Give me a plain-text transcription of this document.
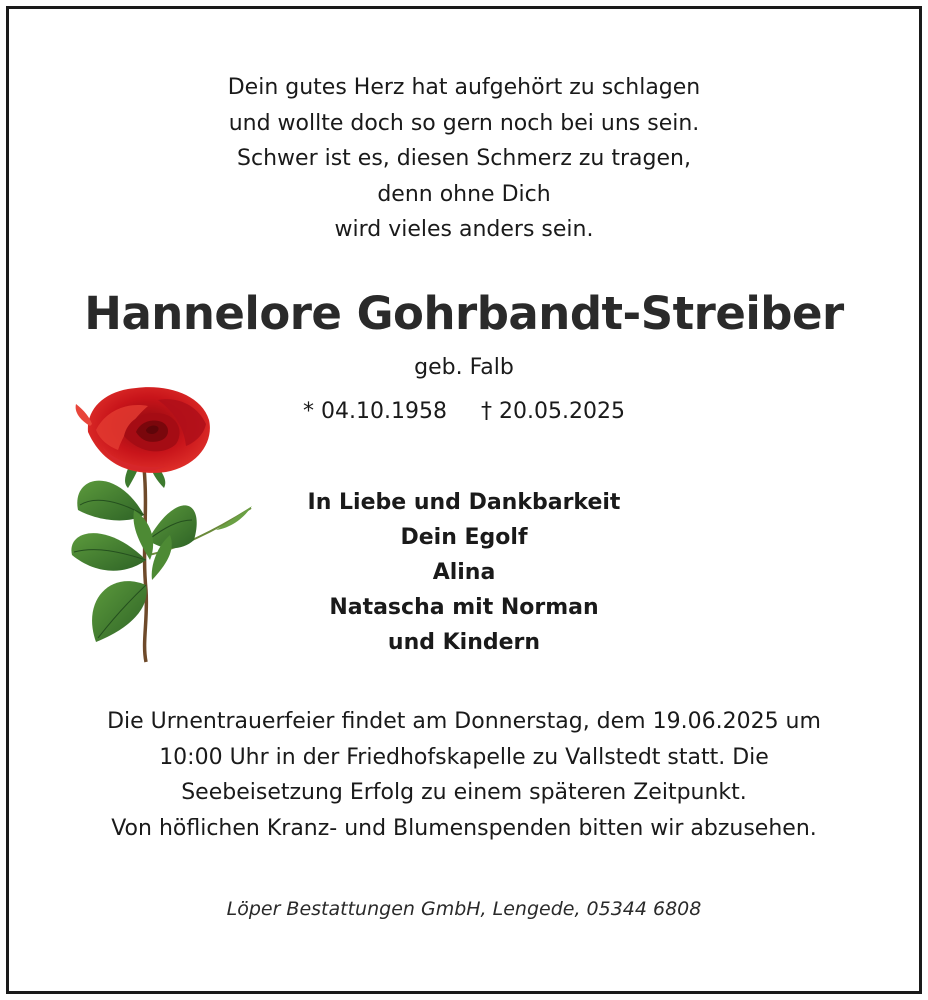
Dein gutes Herz hat aufgehört zu schlagen
und wollte doch so gern noch bei uns sein.
Schwer ist es, diesen Schmerz zu tragen,
denn ohne Dich
wird vieles anders sein.
Hannelore Gohrbandt-Streiber
geb. Falb
* 04.10.1958 † 20.05.2025
In Liebe und Dankbarkeit
Dein Egolf
Alina
Natascha mit Norman
und Kindern
Die Urnentrauerfeier findet am Donnerstag, dem 19.06.2025 um
10:00 Uhr in der Friedhofskapelle zu Vallstedt statt. Die
Seebeisetzung Erfolg zu einem späteren Zeitpunkt.
Von höflichen Kranz- und Blumenspenden bitten wir abzusehen.
Löper Bestattungen GmbH, Lengede, 05344 6808
